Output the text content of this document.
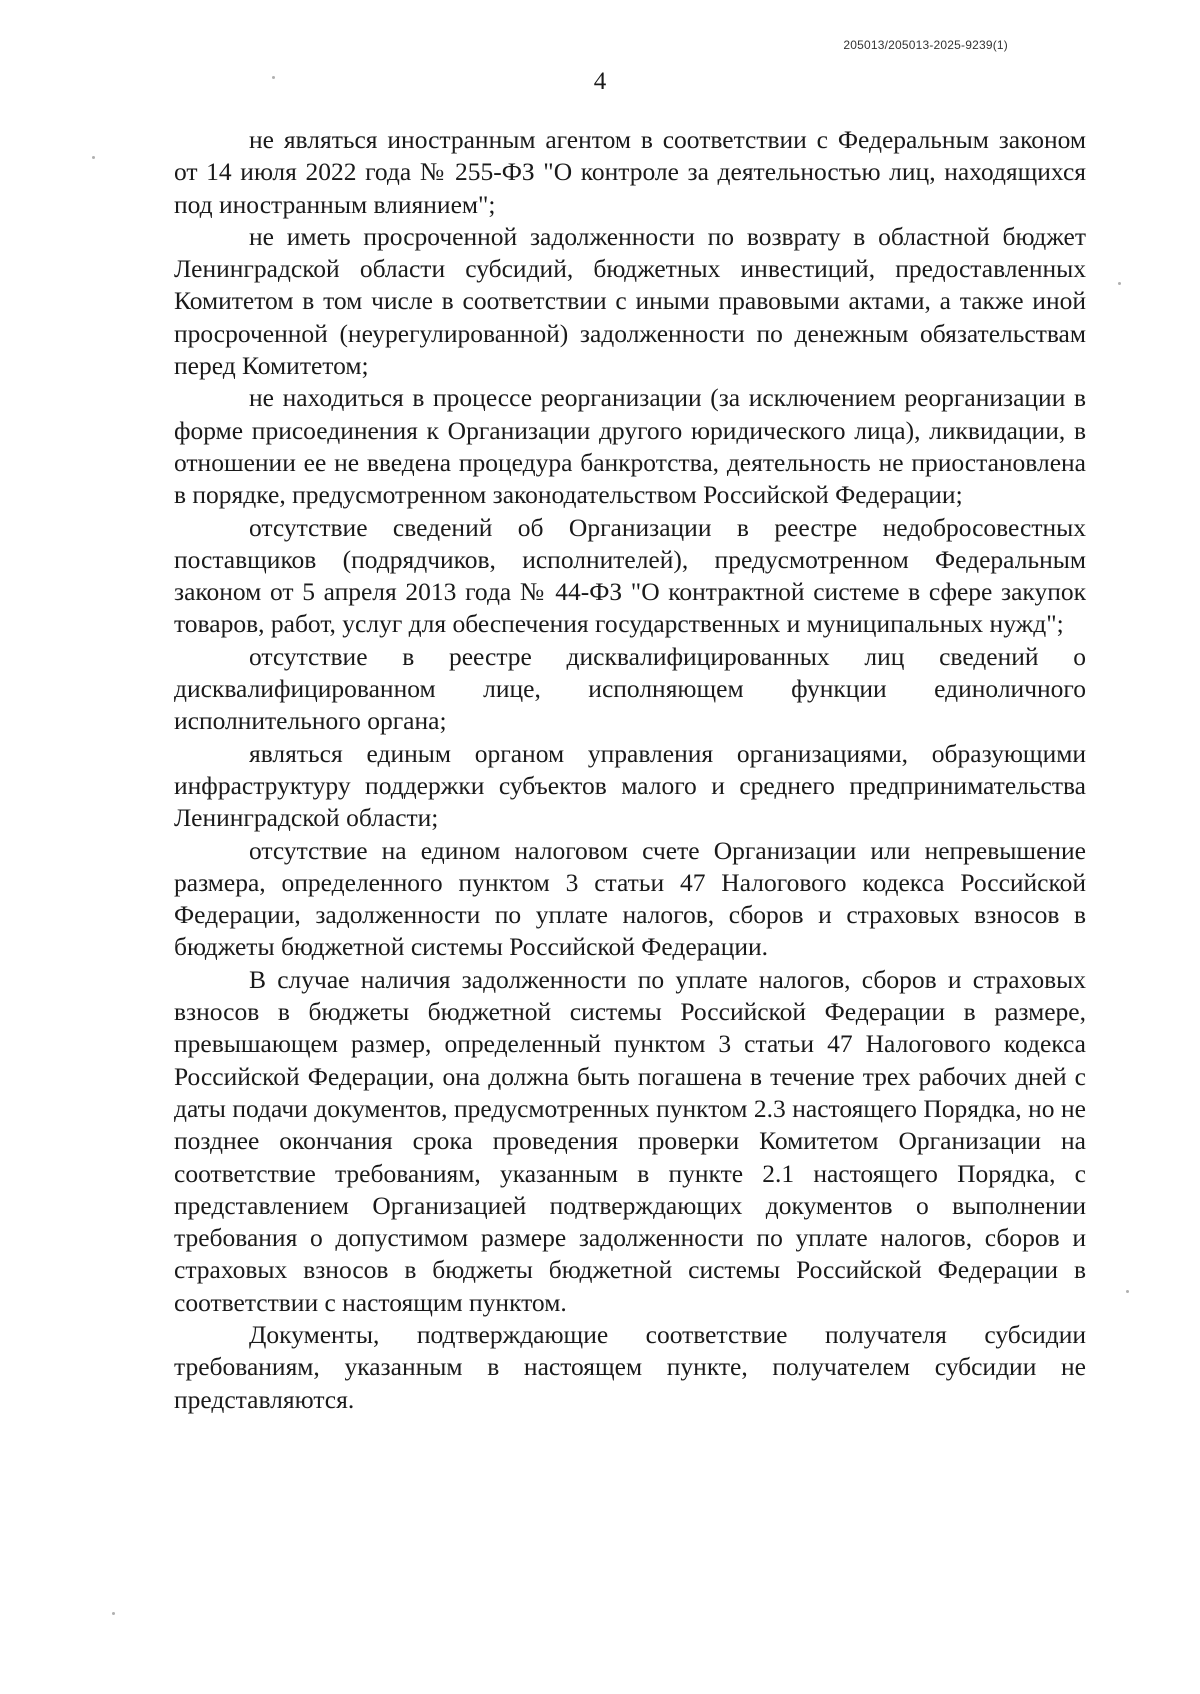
205013/205013-2025-9239(1)
4

не являться иностранным агентом в соответствии с Федеральным законом от 14 июля 2022 года № 255-ФЗ "О контроле за деятельностью лиц, находящихся под иностранным влиянием";

не иметь просроченной задолженности по возврату в областной бюджет Ленинградской области субсидий, бюджетных инвестиций, предоставленных Комитетом в том числе в соответствии с иными правовыми актами, а также иной просроченной (неурегулированной) задолженности по денежным обязательствам перед Комитетом;

не находиться в процессе реорганизации (за исключением реорганизации в форме присоединения к Организации другого юридического лица), ликвидации, в отношении ее не введена процедура банкротства, деятельность не приостановлена в порядке, предусмотренном законодательством Российской Федерации;

отсутствие сведений об Организации в реестре недобросовестных поставщиков (подрядчиков, исполнителей), предусмотренном Федеральным законом от 5 апреля 2013 года № 44-ФЗ "О контрактной системе в сфере закупок товаров, работ, услуг для обеспечения государственных и муниципальных нужд";

отсутствие в реестре дисквалифицированных лиц сведений о дисквалифицированном лице, исполняющем функции единоличного исполнительного органа;

являться единым органом управления организациями, образующими инфраструктуру поддержки субъектов малого и среднего предпринимательства Ленинградской области;

отсутствие на едином налоговом счете Организации или непревышение размера, определенного пунктом 3 статьи 47 Налогового кодекса Российской Федерации, задолженности по уплате налогов, сборов и страховых взносов в бюджеты бюджетной системы Российской Федерации.

В случае наличия задолженности по уплате налогов, сборов и страховых взносов в бюджеты бюджетной системы Российской Федерации в размере, превышающем размер, определенный пунктом 3 статьи 47 Налогового кодекса Российской Федерации, она должна быть погашена в течение трех рабочих дней с даты подачи документов, предусмотренных пунктом 2.3 настоящего Порядка, но не позднее окончания срока проведения проверки Комитетом Организации на соответствие требованиям, указанным в пункте 2.1 настоящего Порядка, с представлением Организацией подтверждающих документов о выполнении требования о допустимом размере задолженности по уплате налогов, сборов и страховых взносов в бюджеты бюджетной системы Российской Федерации в соответствии с настоящим пунктом.

Документы, подтверждающие соответствие получателя субсидии требованиям, указанным в настоящем пункте, получателем субсидии не представляются.
